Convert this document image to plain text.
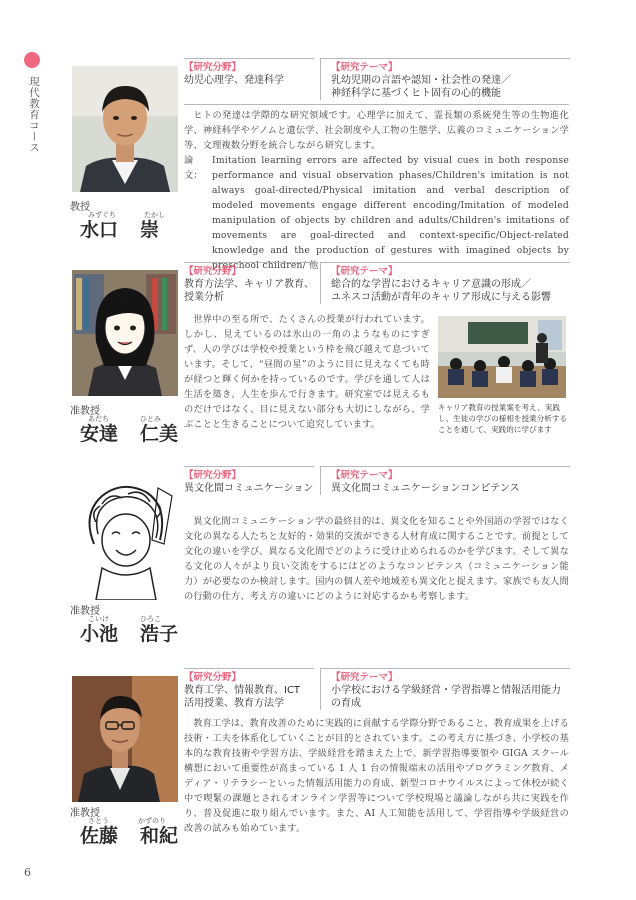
現代教育コース
教授
みずぐち	たかし
水口	崇
【研究分野】
幼児心理学、発達科学
【研究テーマ】
乳幼児期の言語や認知・社会性の発達／
神経科学に基づくヒト固有の心的機能

ヒトの発達は学際的な研究領域です。心理学に加えて、霊長類の系統発生等の生物進化学、神経科学やゲノムと遺伝学、社会制度や人工物の生態学、広義のコミュニケーション学等、文理複数分野を統合しながら研究します。

論文：
Imitation learning errors are affected by visual cues in both response performance and visual observation phases/Children's imitation is not always goal-directed/Physical imitation and verbal description of modeled movements engage different encoding/Imitation of modeled manipulation of objects by children and adults/Children's imitations of movements are goal-directed and context-specific/Object-related knowledge and the production of gestures with imagined objects by preschool children/ 他
准教授
あだち	ひとみ
安達	仁美
【研究分野】
教育方法学、キャリア教育、
授業分析
【研究テーマ】
総合的な学習におけるキャリア意識の形成／
ユネスコ活動が青年のキャリア形成に与える影響

世界中の至る所で、たくさんの授業が行われています。しかし、見えているのは氷山の一角のようなものにすぎず、人の学びは学校や授業という枠を飛び越えて息づいています。そして、“昼間の星”のように目に見えなくても時が経つと輝く何かを持っているのです。学びを通して人は生活を築き、人生を歩んで行きます。研究室では見えるものだけではなく、目に見えない部分も大切にしながら、学ぶことと生きることについて追究しています。

キャリア教育の授業案を考え、実践し、生徒の学びの様相を授業分析することを通して、実践的に学びます
准教授
こいけ	ひろこ
小池	浩子
【研究分野】
異文化間コミュニケーション
【研究テーマ】
異文化間コミュニケーションコンピテンス

異文化間コミュニケーション学の最終目的は、異文化を知ることや外国語の学習ではなく文化の異なる人たちと友好的・効果的交流ができる人材育成に関することです。前提として文化の違いを学び、異なる文化間でどのように受け止められるのかを学びます。そして異なる文化の人々がより良い交流をするにはどのようなコンピテンス（コミュニケーション能力）が必要なのか検討します。国内の個人差や地域差も異文化と捉えます。家族でも友人間の行動の仕方、考え方の違いにどのように対応するかも考察します。

准教授
さとう	かずのり
佐藤	和紀
【研究分野】
教育工学、情報教育、ICT
活用授業、教育方法学
【研究テーマ】
小学校における学級経営・学習指導と情報活用能力
の育成

教育工学は、教育改善のために実践的に貢献する学際分野であること、教育成果を上げる技術・工夫を体系化していくことが目的とされています。この考え方に基づき、小学校の基本的な教育技術や学習方法、学級経営を踏まえた上で、新学習指導要領や GIGA スクール構想において重要性が高まっている 1 人 1 台の情報端末の活用やプログラミング教育、メディア・リテラシーといった情報活用能力の育成、新型コロナウイルスによって休校が続く中で喫緊の課題とされるオンライン学習等について学校現場と議論しながら共に実践を作り、普及促進に取り組んでいます。また、AI 人工知能を活用して、学習指導や学級経営の改善の試みも始めています。

6
